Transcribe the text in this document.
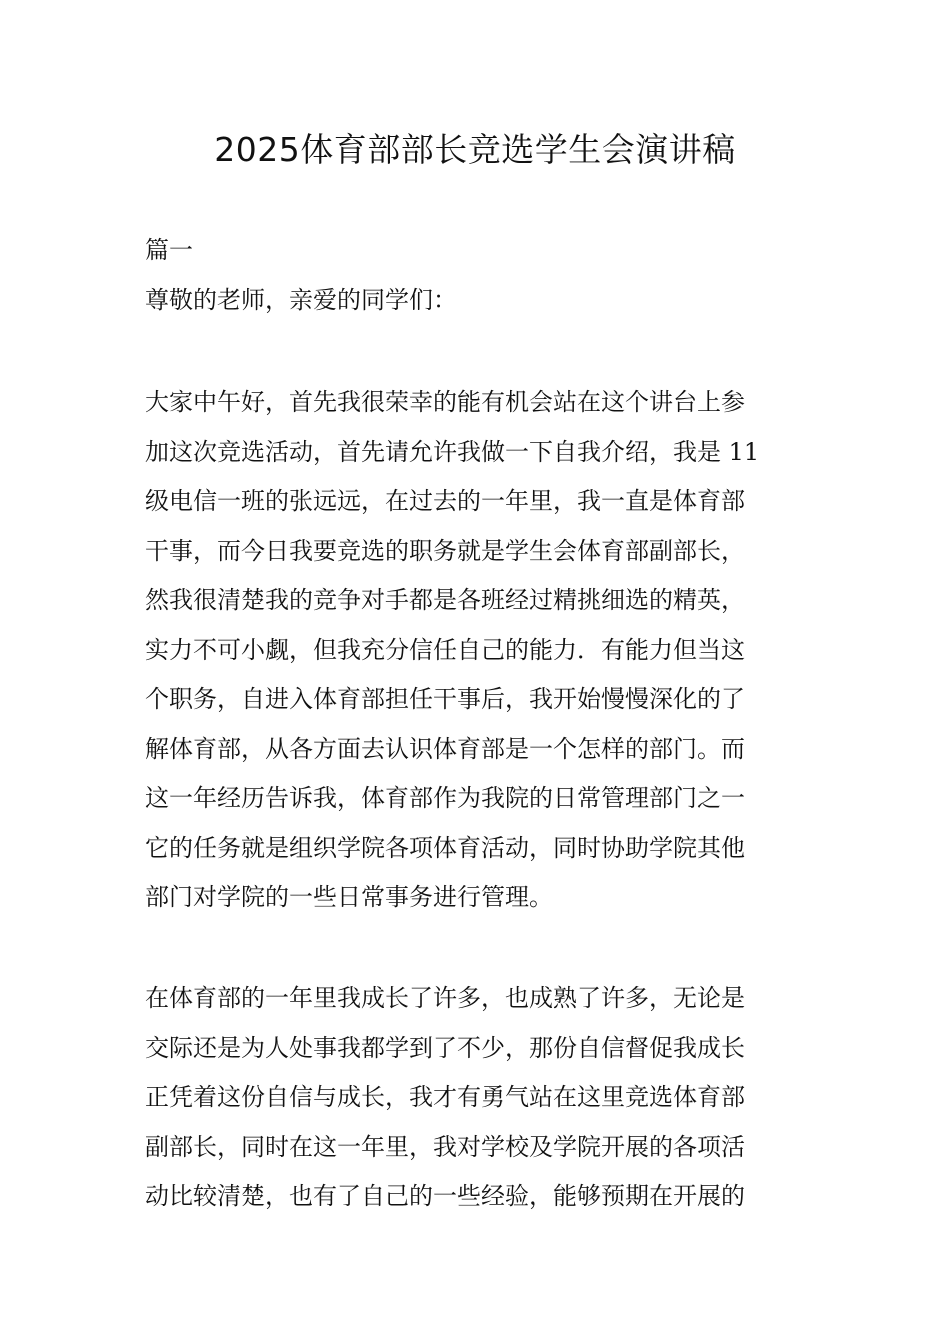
2025体育部部长竞选学生会演讲稿

篇一

尊敬的老师，亲爱的同学们：

大家中午好，首先我很荣幸的能有机会站在这个讲台上参
加这次竞选活动，首先请允许我做一下自我介绍，我是 11
级电信一班的张远远，在过去的一年里，我一直是体育部
干事，而今日我要竞选的职务就是学生会体育部副部长，
然我很清楚我的竞争对手都是各班经过精挑细选的精英，
实力不可小觑，但我充分信任自己的能力．有能力但当这
个职务，自进入体育部担任干事后，我开始慢慢深化的了
解体育部，从各方面去认识体育部是一个怎样的部门。而
这一年经历告诉我，体育部作为我院的日常管理部门之一
它的任务就是组织学院各项体育活动，同时协助学院其他
部门对学院的一些日常事务进行管理。
在体育部的一年里我成长了许多，也成熟了许多，无论是
交际还是为人处事我都学到了不少，那份自信督促我成长
正凭着这份自信与成长，我才有勇气站在这里竞选体育部
副部长，同时在这一年里，我对学校及学院开展的各项活
动比较清楚，也有了自己的一些经验，能够预期在开展的
